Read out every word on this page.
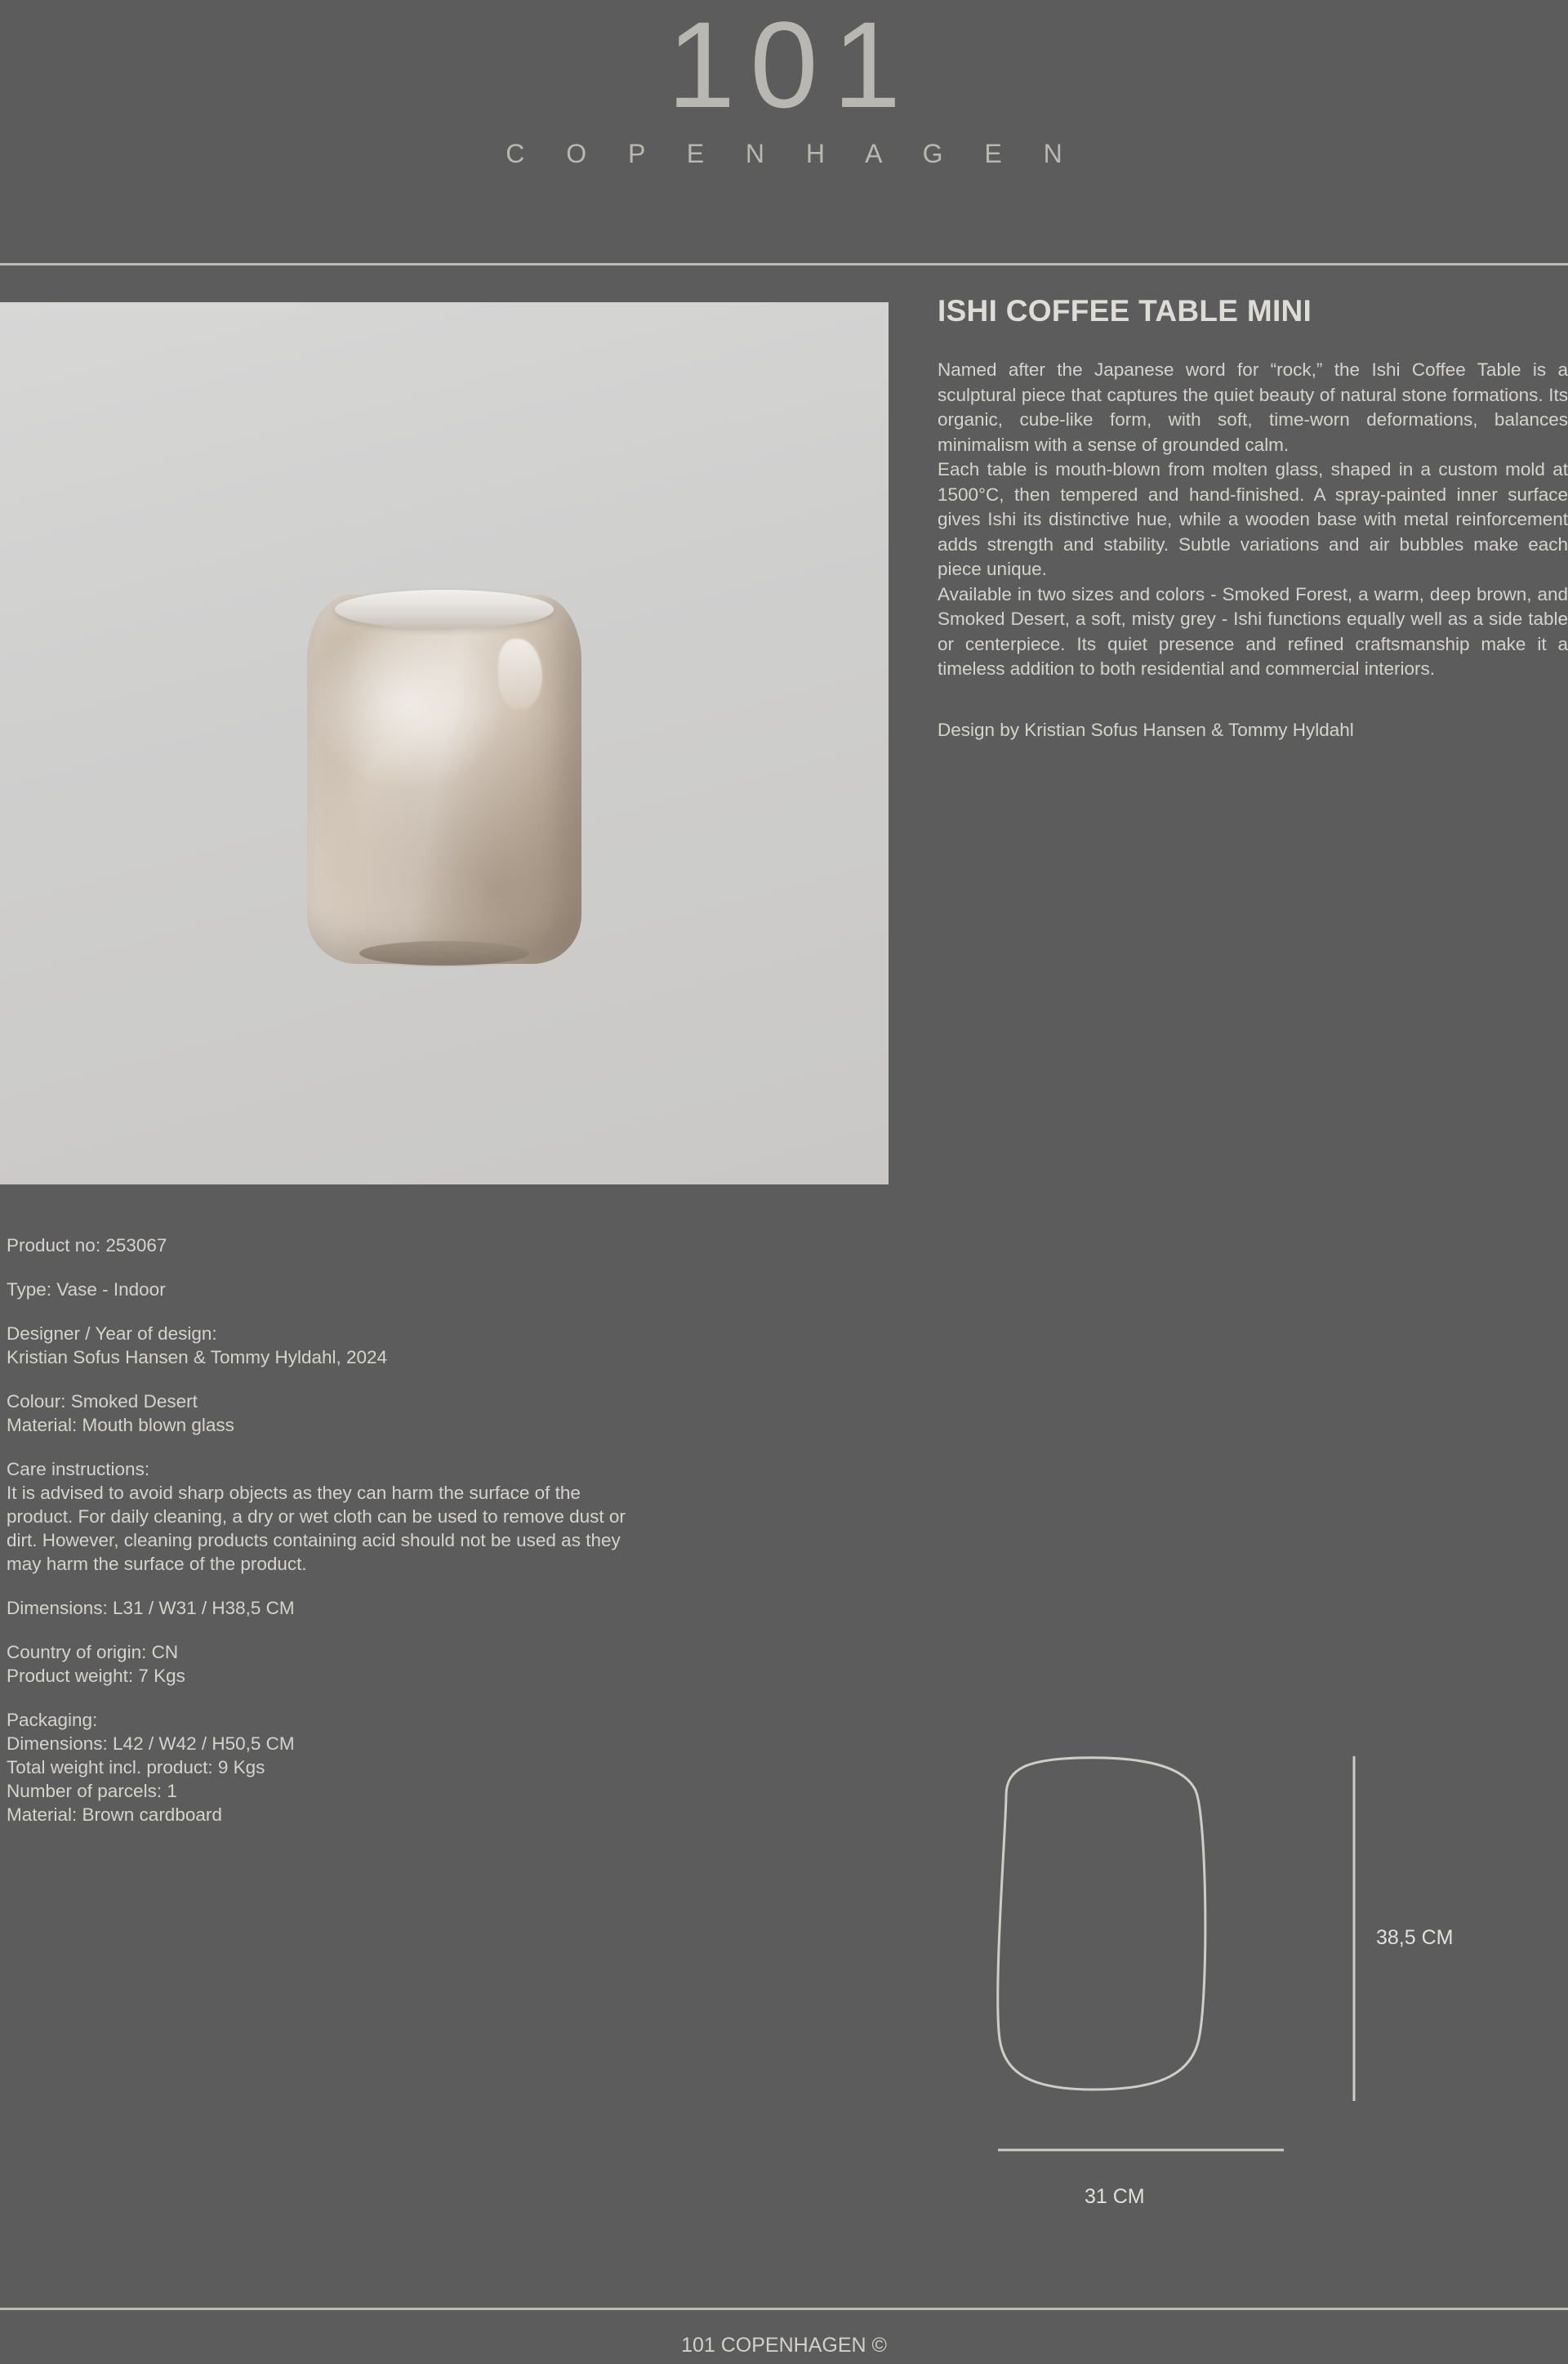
101
C O P E N H A G E N
ISHI COFFEE TABLE MINI

Named after the Japanese word for “rock,” the Ishi Coffee Table is a sculptural piece that captures the quiet beauty of natural stone formations. Its organic, cube-like form, with soft, time-worn deformations, balances minimalism with a sense of grounded calm.

Each table is mouth-blown from molten glass, shaped in a custom mold at 1500°C, then tempered and hand-finished. A spray-painted inner surface gives Ishi its distinctive hue, while a wooden base with metal reinforcement adds strength and stability. Subtle variations and air bubbles make each piece unique.

Available in two sizes and colors - Smoked Forest, a warm, deep brown, and Smoked Desert, a soft, misty grey - Ishi functions equally well as a side table or centerpiece. Its quiet presence and refined craftsmanship make it a timeless addition to both residential and commercial interiors.

Design by Kristian Sofus Hansen & Tommy Hyldahl

Product no: 253067
Type: Vase - Indoor
Designer / Year of design:
Kristian Sofus Hansen & Tommy Hyldahl, 2024
Colour: Smoked Desert
Material: Mouth blown glass
Care instructions:
It is advised to avoid sharp objects as they can harm the surface of the product. For daily cleaning, a dry or wet cloth can be used to remove dust or dirt. However, cleaning products containing acid should not be used as they may harm the surface of the product.
Dimensions: L31 / W31 / H38,5 CM
Country of origin: CN
Product weight: 7 Kgs
Packaging:
Dimensions: L42 / W42 / H50,5 CM
Total weight incl. product: 9 Kgs
Number of parcels: 1
Material: Brown cardboard
38,5 CM
31 CM
101 COPENHAGEN ©
